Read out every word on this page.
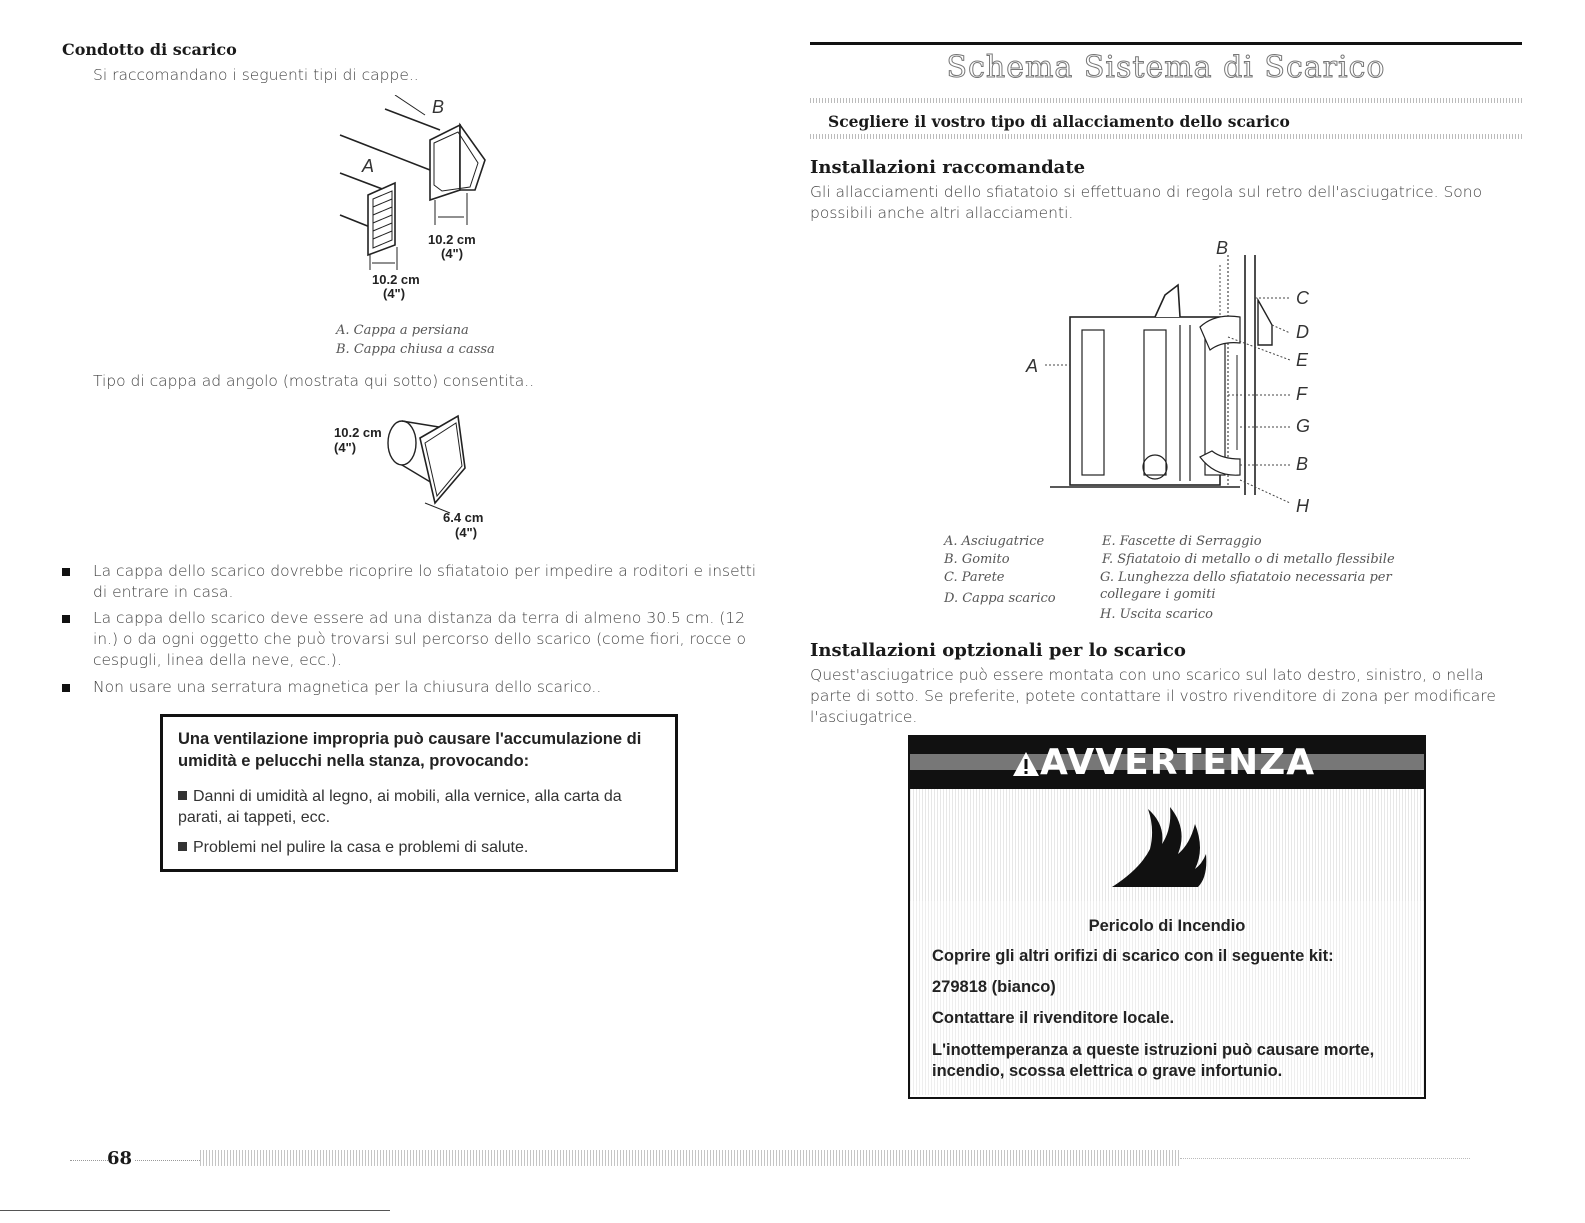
Condotto di scarico
Si raccomandano i seguenti tipi di cappe..
B
A
10.2 cm
(4")
10.2 cm
(4")
A. Cappa a persiana
B. Cappa chiusa a cassa
Tipo di cappa ad angolo (mostrata qui sotto) consentita..
10.2 cm
(4")
6.4 cm
(4")
La cappa dello scarico dovrebbe ricoprire lo sfiatatoio per impedire a roditori e insetti di entrare in casa.
La cappa dello scarico deve essere ad una distanza da terra di almeno 30.5 cm. (12 in.) o da ogni oggetto che può trovarsi sul percorso dello scarico (come fiori, rocce o cespugli, linea della neve, ecc.).
Non usare una serratura magnetica per la chiusura dello scarico..
Una ventilazione impropria può causare l'accumulazione di umidità e pelucchi nella stanza, provocando:
Danni di umidità al legno, ai mobili, alla vernice, alla carta da parati, ai tappeti, ecc.
Problemi nel pulire la casa e problemi di salute.
68
Schema Sistema di Scarico
Scegliere il vostro tipo di allacciamento dello scarico
Installazioni raccomandate
Gli allacciamenti dello sfiatatoio si effettuano di regola sul retro dell'asciugatrice. Sono possibili anche altri allacciamenti.
B
A
C
D
E
F
G
B
H
A. Asciugatrice
B. Gomito
C. Parete
D. Cappa scarico
E. Fascette di Serraggio
F. Sfiatatoio di metallo o di metallo flessibile
G. Lunghezza dello sfiatatoio necessaria per collegare i gomiti
H. Uscita scarico
Installazioni optzionali per lo scarico
Quest'asciugatrice può essere montata con uno scarico sul lato destro, sinistro, o nella parte di sotto. Se preferite, potete contattare il vostro rivenditore di zona per modificare l'asciugatrice.
AVVERTENZA
Pericolo di Incendio
Coprire gli altri orifizi di scarico con il seguente kit:
279818 (bianco)
Contattare il rivenditore locale.
L'inottemperanza a queste istruzioni può causare morte, incendio, scossa elettrica o grave infortunio.
